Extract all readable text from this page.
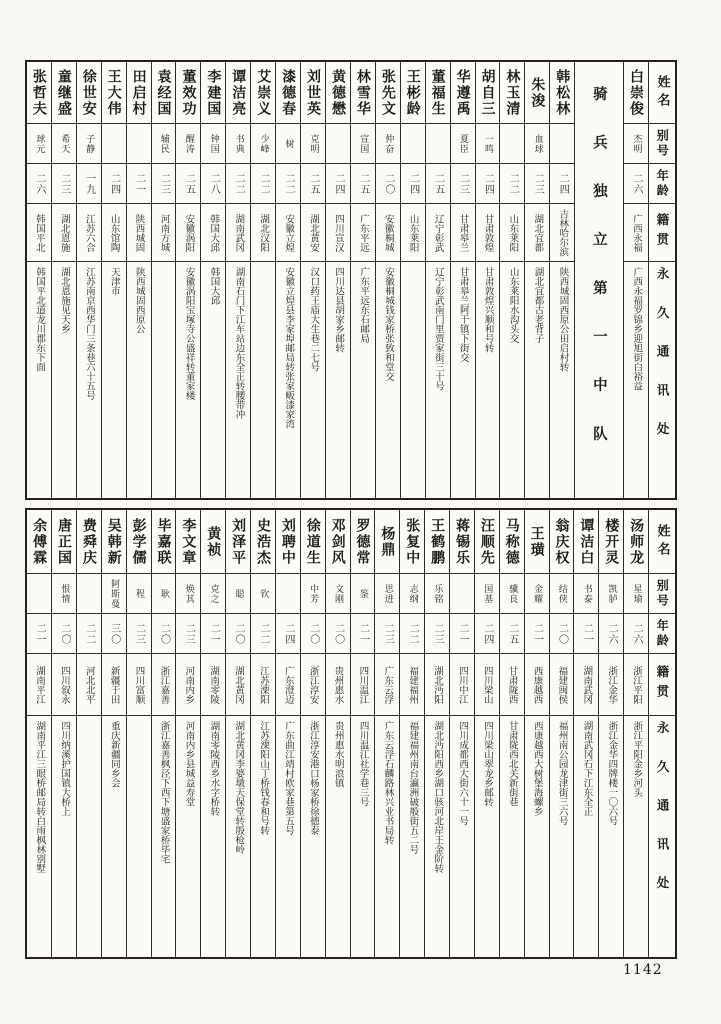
姓名
别号
年龄
籍贯
永久通讯处
白崇俊
杰明
二六
广西永福
广西永福罗锦乡迎旭街白裕益
骑兵独立第一中队
韩松林
二四
吉林哈尔滨
陕西城固西原公田启村转
朱浚
血球
二三
湖北宜都
湖北宜都古老背子
林玉清
二二
山东莱阳
山东莱阳水沟头交
胡自三
一鸣
二四
甘肃敦煌
甘肃敦煌兴顺和号转
华遵禹
夏臣
二三
甘肃皋兰
甘肃皋兰阿干镇下街交
董福生
二五
辽宁彰武
辽宁彰武南门里贾家街三十号
王彬龄
二四
山东莱阳
张先文
仲奋
二〇
安徽桐城
安徽桐城钱家桥张致和堂交
林雪华
宣国
二五
广东平远
广东平远东石邮局
黄德懋
二四
四川宣汉
四川达县胡家乡邮转
刘世英
克明
二五
湖北黄安
汉口药王庙大生巷二七号
漆德春
树
二二
安徽立煌
安徽立煌县李家埠邮局转张家畈漆家湾
艾崇义
少峰
二二
湖北汉阳
谭洁亮
书典
二二
湖南武冈
湖南石门下江车站边东全正转腰带冲
李建国
钟国
二八
韩国大邱
韩国大邱
董效功
醒涛
二五
安徽涡阳
安徽涡阳宝塚寺公盛祥转董家楼
袁经国
辅民
二三
河南方城
田启村
二一
陕西城固
陕西城固西原公
王大伟
二四
山东馆陶
天津市
徐世安
子静
一九
江苏六合
江苏南京西华门三条巷六十五号
童继盛
希天
二三
湖北恩施
湖北恩施见天乡
张哲夫
球元
二六
韩国平北
韩国平北道龙川郡东下面
姓名
别号
年龄
籍贯
永久通讯处
汤师龙
星瑜
二六
浙江平阳
浙江平阳金乡河头
楼开灵
凯胪
二六
浙江金华
浙江金华四牌楼一〇六号
谭洁白
书泰
二一
湖南武冈
湖南武冈石下江东全正
翁庆权
结侠
二〇
福建闽侯
福州南公园龙津街三六号
王璜
金耀
二一
西康越西
西康越西大树堡海螺乡
马称德
骥良
二五
甘肃陇西
甘肃陇西北关新街巷
汪顺先
国基
二四
四川梁山
四川梁山翠龙乡邮转
蒋锡乐
二一
四川中江
四川成都西大街六十一号
王鹤鹏
乐铭
二三
湖北沔阳
湖北沔阳西乡湖口骇河北岸王金阶转
张复中
志纲
二二
福建福州
福建福州南台瀛洲破般街五二号
杨鼎
思进
二三
广东云浮
广东云浮石麟路林兴业书局转
罗德常
鉴
二一
四川温江
四川温江社学巷三号
邓剑风
文刚
二〇
贵州惠水
贵州惠水明浪镇
徐道生
中芳
二〇
浙江淳安
浙江淳安港口杨家桥徐德泰
刘聘中
二四
广东澄迈
广东曲江靖村欧家巷第五号
史浩杰
钦
二二
江苏溧阳
江苏溧阳山丁桥钱春和号转
刘泽平
聪
二〇
湖北黄冈
湖北黄冈李婆墩天保堂转殷枪岭
黄祯
克之
二一
湖南零陵
湖南零陵西乡水字桥转
李文章
焕其
二三
河南内乡
河南内乡县城益寿堂
毕嘉联
耿
二〇
浙江嘉善
浙江嘉善枫泾下西下塘盛家桥毕宅
彭学儒
程
二三
四川富顺
吴韩新
阿斯曼
三〇
新疆于田
重庆新疆同乡会
费舜庆
二二
河北北平
唐正国
恨情
二〇
四川叙永
四川纳溪护国镇大桥上
余傅霖
二一
湖南平江
湖南平江三眼桥邮局转白雨枫林别墅
1142
